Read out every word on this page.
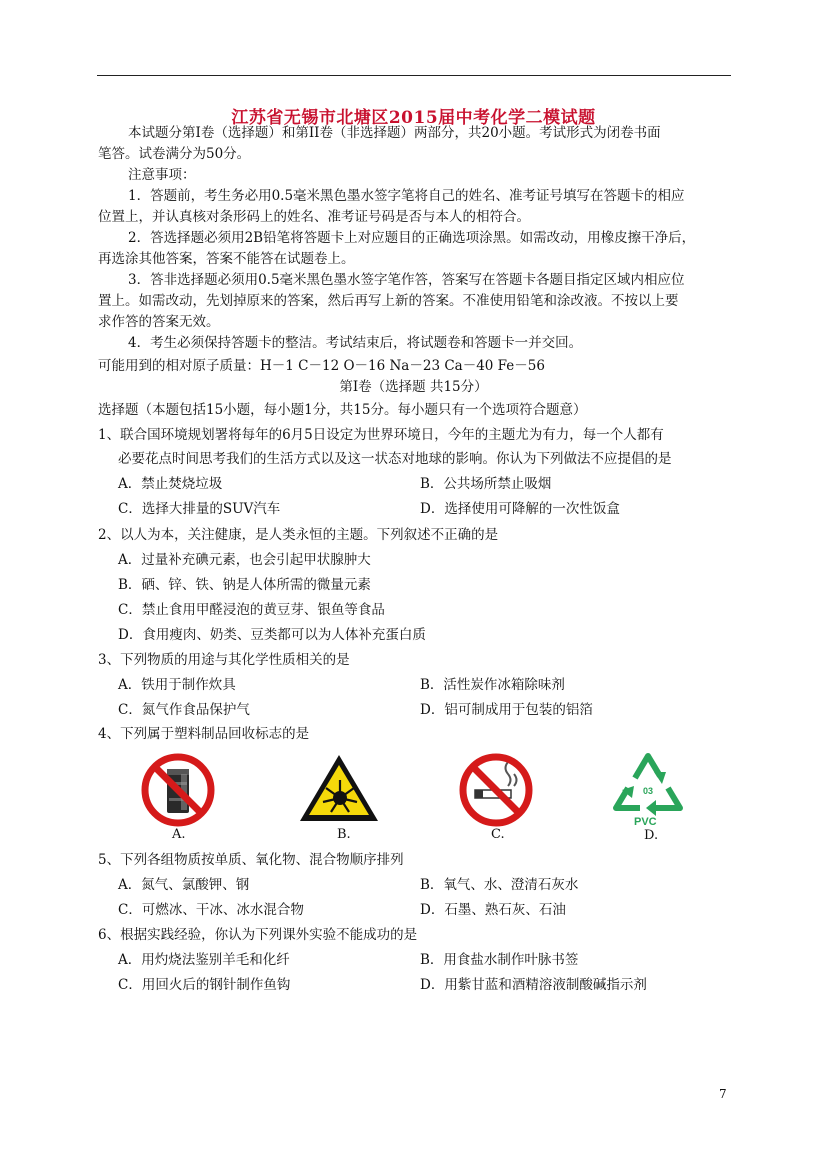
江苏省无锡市北塘区2015届中考化学二模试题
本试题分第I卷（选择题）和第II卷（非选择题）两部分，共20小题。考试形式为闭卷书面
笔答。试卷满分为50分。
注意事项：
1．答题前，考生务必用0.5毫米黑色墨水签字笔将自己的姓名、准考证号填写在答题卡的相应
位置上，并认真核对条形码上的姓名、准考证号码是否与本人的相符合。
2．答选择题必须用2B铅笔将答题卡上对应题目的正确选项涂黑。如需改动，用橡皮擦干净后，
再选涂其他答案，答案不能答在试题卷上。
3．答非选择题必须用0.5毫米黑色墨水签字笔作答，答案写在答题卡各题目指定区域内相应位
置上。如需改动，先划掉原来的答案，然后再写上新的答案。不准使用铅笔和涂改液。不按以上要
求作答的答案无效。
4．考生必须保持答题卡的整洁。考试结束后，将试题卷和答题卡一并交回。
可能用到的相对原子质量：H－1 C－12 O－16 Na－23 Ca－40 Fe－56
第Ⅰ卷（选择题 共15分）
选择题（本题包括15小题，每小题1分，共15分。每小题只有一个选项符合题意）
1、联合国环境规划署将每年的6月5日设定为世界环境日，今年的主题尤为有力，每一个人都有
必要花点时间思考我们的生活方式以及这一状态对地球的影响。你认为下列做法不应提倡的是
A．禁止焚烧垃圾	B．公共场所禁止吸烟
C．选择大排量的SUV汽车	D．选择使用可降解的一次性饭盒
2、以人为本，关注健康，是人类永恒的主题。下列叙述不正确的是
A．过量补充碘元素，也会引起甲状腺肿大
B．硒、锌、铁、钠是人体所需的微量元素
C．禁止食用甲醛浸泡的黄豆芽、银鱼等食品
D．食用瘦肉、奶类、豆类都可以为人体补充蛋白质
3、下列物质的用途与其化学性质相关的是
A．铁用于制作炊具	B．活性炭作冰箱除味剂
C．氮气作食品保护气	D．铝可制成用于包装的铝箔
4、下列属于塑料制品回收标志的是
03
PVC
A.	B.	C.	D.
5、下列各组物质按单质、氧化物、混合物顺序排列
A．氮气、氯酸钾、钢	B．氧气、水、澄清石灰水
C．可燃冰、干冰、冰水混合物	D．石墨、熟石灰、石油
6、根据实践经验，你认为下列课外实验不能成功的是
A．用灼烧法鉴别羊毛和化纤	B．用食盐水制作叶脉书签
C．用回火后的钢针制作鱼钩	D．用紫甘蓝和酒精溶液制酸碱指示剂
7
